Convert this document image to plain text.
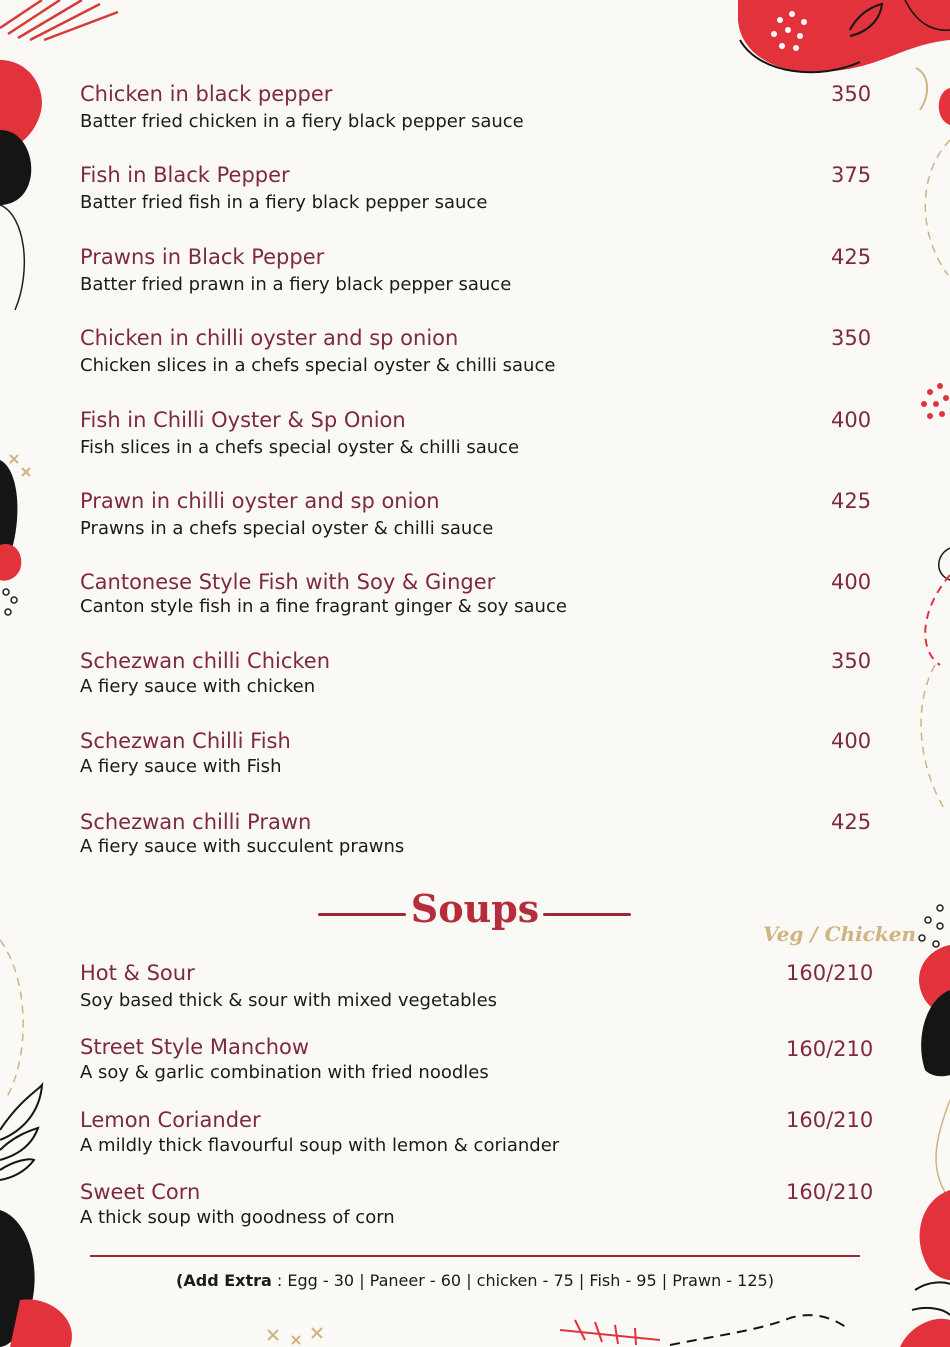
Chicken in black pepper
Batter fried chicken in a fiery black pepper sauce
350
Fish in Black Pepper
Batter fried fish in a fiery black pepper sauce
375
Prawns in Black Pepper
Batter fried prawn in a fiery black pepper sauce
425
Chicken in chilli oyster and sp onion
Chicken slices in a chefs special oyster & chilli sauce
350
Fish in Chilli Oyster & Sp Onion
Fish slices in a chefs special oyster & chilli sauce
400
Prawn in chilli oyster and sp onion
Prawns in a chefs special oyster & chilli sauce
425
Cantonese Style Fish with Soy & Ginger
Canton style fish in a fine fragrant ginger & soy sauce
400
Schezwan chilli Chicken
A fiery sauce with chicken
350
Schezwan Chilli Fish
A fiery sauce with Fish
400
Schezwan chilli Prawn
A fiery sauce with succulent prawns
425
Soups
Veg / Chicken
Hot & Sour
Soy based thick & sour with mixed vegetables
160/210
Street Style Manchow
A soy & garlic combination with fried noodles
160/210
Lemon Coriander
A mildly thick flavourful soup with lemon & coriander
160/210
Sweet Corn
A thick soup with goodness of corn
160/210
(Add Extra : Egg - 30 | Paneer - 60 | chicken - 75 | Fish - 95 | Prawn - 125)
